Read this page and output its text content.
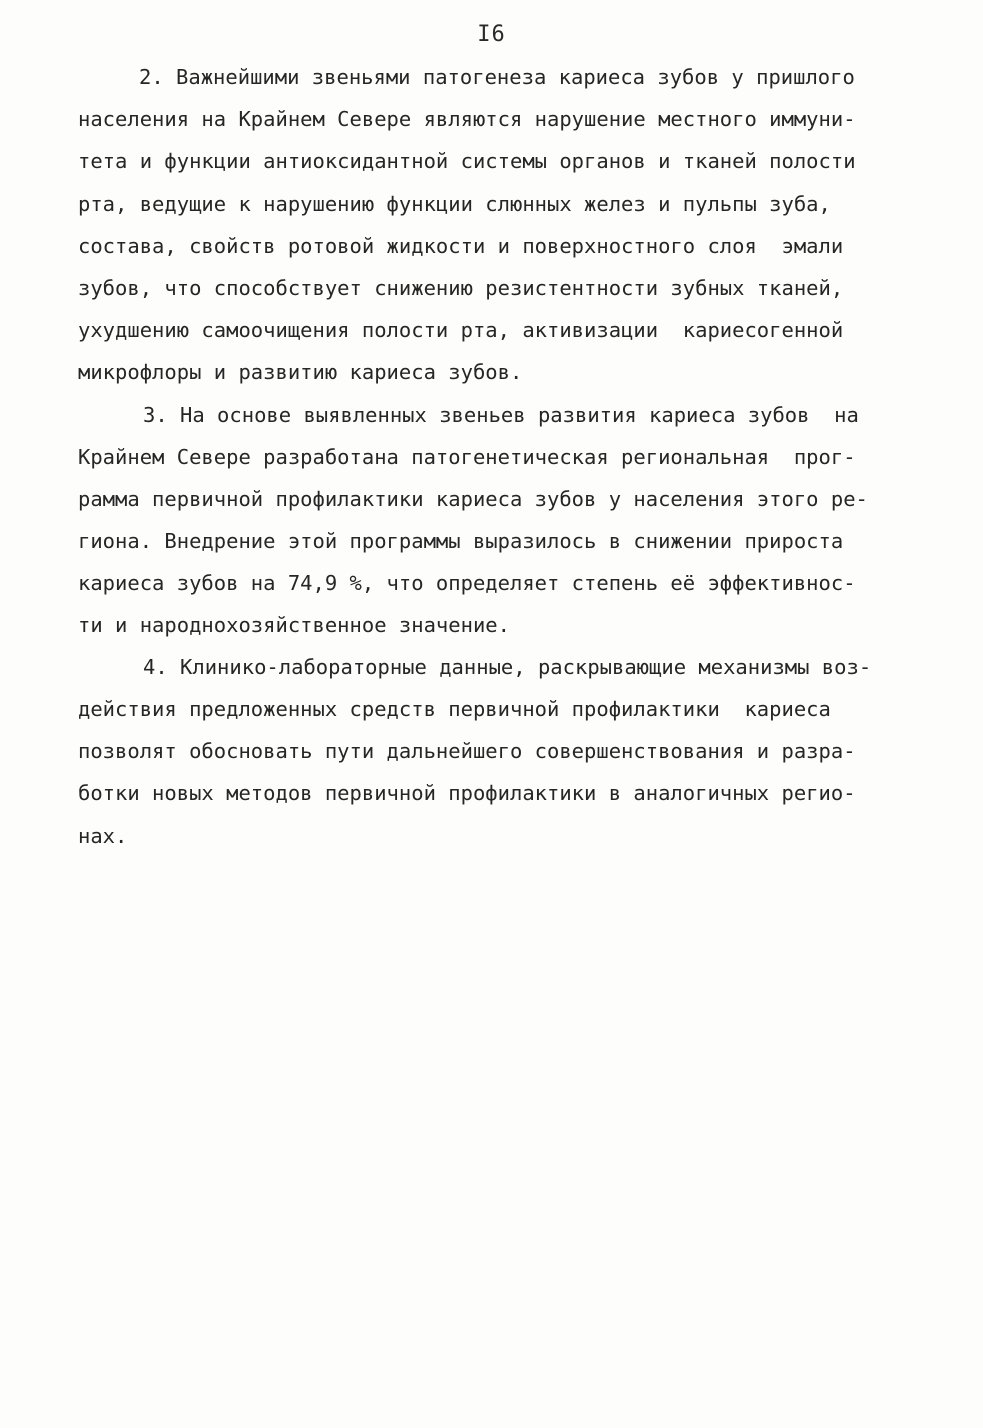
I6
2. Важнейшими звеньями патогенеза кариеса зубов у пришлого
населения на Крайнем Севере являются нарушение местного иммуни-
тета и функции антиоксидантной системы органов и тканей полости
рта, ведущие к нарушению функции слюнных желез и пульпы зуба,
состава, свойств ротовой жидкости и поверхностного слоя  эмали
зубов, что способствует снижению резистентности зубных тканей,
ухудшению самоочищения полости рта, активизации  кариесогенной
микрофлоры и развитию кариеса зубов.
3. На основе выявленных звеньев развития кариеса зубов  на
Крайнем Севере разработана патогенетическая региональная  прог-
рамма первичной профилактики кариеса зубов у населения этого ре-
гиона. Внедрение этой программы выразилось в снижении прироста
кариеса зубов на 74,9 %, что определяет степень её эффективнос-
ти и народнохозяйственное значение.
4. Клинико-лабораторные данные, раскрывающие механизмы воз-
действия предложенных средств первичной профилактики  кариеса
позволят обосновать пути дальнейшего совершенствования и разра-
ботки новых методов первичной профилактики в аналогичных регио-
нах.
